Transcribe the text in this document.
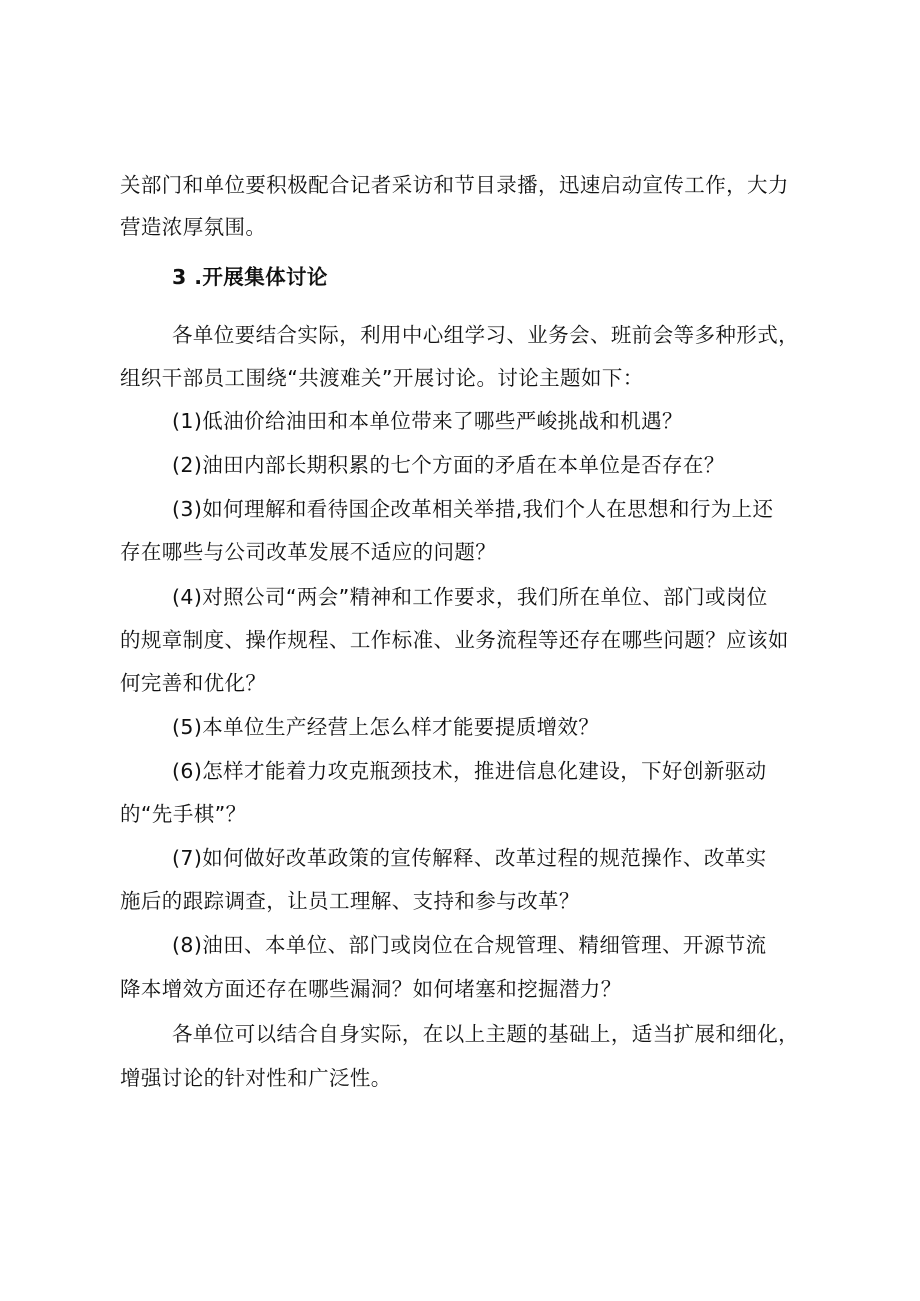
关部门和单位要积极配合记者采访和节目录播，迅速启动宣传工作，大力
营造浓厚氛围。
3 .开展集体讨论
各单位要结合实际，利用中心组学习、业务会、班前会等多种形式，
组织干部员工围绕“共渡难关”开展讨论。讨论主题如下：
(1)低油价给油田和本单位带来了哪些严峻挑战和机遇？
(2)油田内部长期积累的七个方面的矛盾在本单位是否存在？
(3)如何理解和看待国企改革相关举措,我们个人在思想和行为上还
存在哪些与公司改革发展不适应的问题？
(4)对照公司“两会”精神和工作要求，我们所在单位、部门或岗位
的规章制度、操作规程、工作标准、业务流程等还存在哪些问题？应该如
何完善和优化？
(5)本单位生产经营上怎么样才能要提质增效？
(6)怎样才能着力攻克瓶颈技术，推进信息化建设，下好创新驱动
的“先手棋”？
(7)如何做好改革政策的宣传解释、改革过程的规范操作、改革实
施后的跟踪调查，让员工理解、支持和参与改革？
(8)油田、本单位、部门或岗位在合规管理、精细管理、开源节流
降本增效方面还存在哪些漏洞？如何堵塞和挖掘潜力？
各单位可以结合自身实际，在以上主题的基础上，适当扩展和细化，
增强讨论的针对性和广泛性。
